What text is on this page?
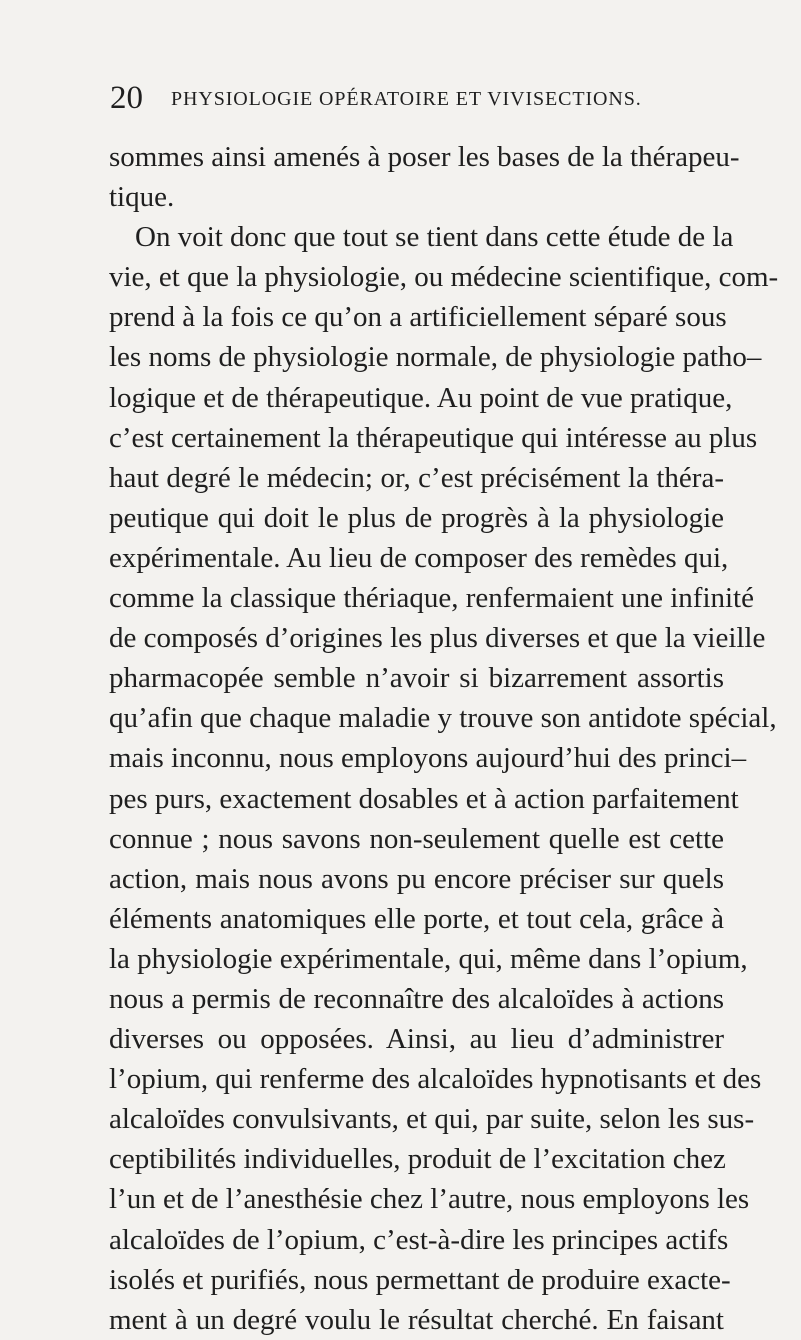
20 PHYSIOLOGIE OPÉRATOIRE ET VIVISECTIONS.
sommes ainsi amenés à poser les bases de la thérapeu-
tique.
On voit donc que tout se tient dans cette étude de la
vie, et que la physiologie, ou médecine scientifique, com-
prend à la fois ce qu’on a artificiellement séparé sous
les noms de physiologie normale, de physiologie patho–
logique et de thérapeutique. Au point de vue pratique,
c’est certainement la thérapeutique qui intéresse au plus
haut degré le médecin; or, c’est précisément la théra-
peutique qui doit le plus de progrès à la physiologie
expérimentale. Au lieu de composer des remèdes qui,
comme la classique thériaque, renfermaient une infinité
de composés d’origines les plus diverses et que la vieille
pharmacopée semble n’avoir si bizarrement assortis
qu’afin que chaque maladie y trouve son antidote spécial,
mais inconnu, nous employons aujourd’hui des princi–
pes purs, exactement dosables et à action parfaitement
connue ; nous savons non-seulement quelle est cette
action, mais nous avons pu encore préciser sur quels
éléments anatomiques elle porte, et tout cela, grâce à
la physiologie expérimentale, qui, même dans l’opium,
nous a permis de reconnaître des alcaloïdes à actions
diverses ou opposées. Ainsi, au lieu d’administrer
l’opium, qui renferme des alcaloïdes hypnotisants et des
alcaloïdes convulsivants, et qui, par suite, selon les sus-
ceptibilités individuelles, produit de l’excitation chez
l’un et de l’anesthésie chez l’autre, nous employons les
alcaloïdes de l’opium, c’est-à-dire les principes actifs
isolés et purifiés, nous permettant de produire exacte-
ment à un degré voulu le résultat cherché. En faisant
